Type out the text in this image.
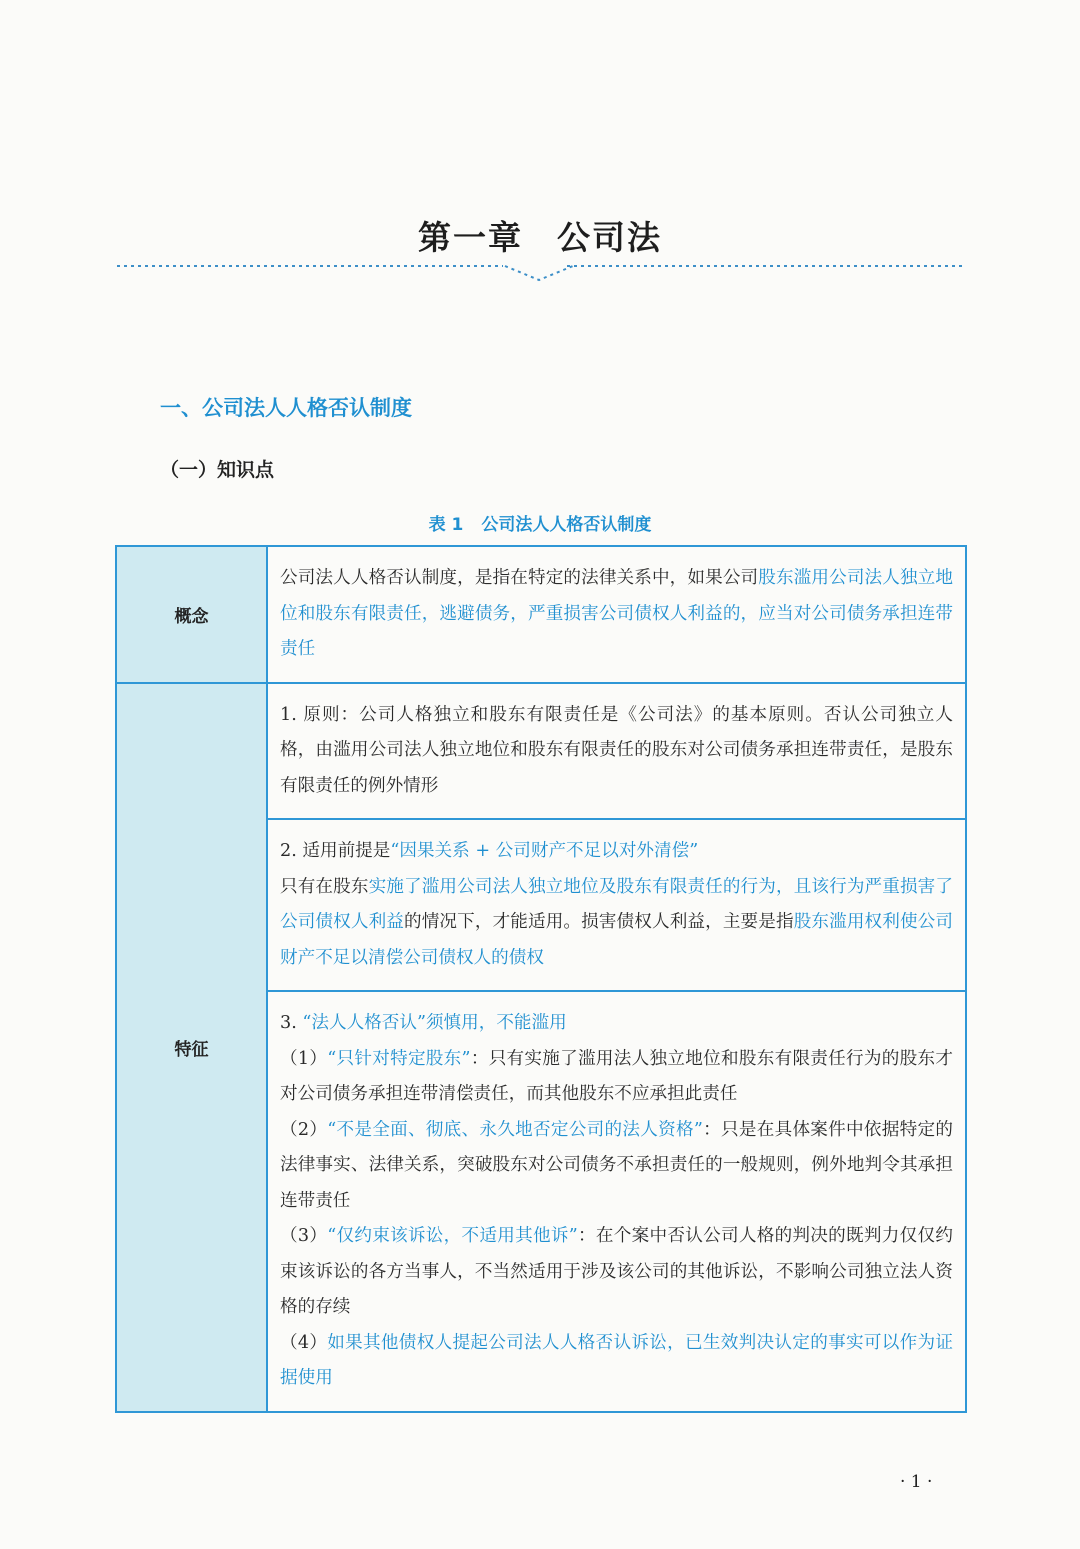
第一章 公司法
一、公司法人人格否认制度
（一）知识点
表 1 公司法人人格否认制度
概念	公司法人人格否认制度，是指在特定的法律关系中，如果公司股东滥用公司法人独立地位和股东有限责任，逃避债务，严重损害公司债权人利益的，应当对公司债务承担连带责任
特征	1. 原则：公司人格独立和股东有限责任是《公司法》的基本原则。否认公司独立人格，由滥用公司法人独立地位和股东有限责任的股东对公司债务承担连带责任，是股东有限责任的例外情形

	2. 适用前提是“因果关系 + 公司财产不足以对外清偿”
只有在股东实施了滥用公司法人独立地位及股东有限责任的行为，且该行为严重损害了公司债权人利益的情况下，才能适用。损害债权人利益，主要是指股东滥用权利使公司财产不足以清偿公司债权人的债权

	3. “法人人格否认”须慎用，不能滥用
（1）“只针对特定股东”：只有实施了滥用法人独立地位和股东有限责任行为的股东才对公司债务承担连带清偿责任，而其他股东不应承担此责任
（2）“不是全面、彻底、永久地否定公司的法人资格”：只是在具体案件中依据特定的法律事实、法律关系，突破股东对公司债务不承担责任的一般规则，例外地判令其承担连带责任
（3）“仅约束该诉讼，不适用其他诉”：在个案中否认公司人格的判决的既判力仅仅约束该诉讼的各方当事人，不当然适用于涉及该公司的其他诉讼，不影响公司独立法人资格的存续
（4）如果其他债权人提起公司法人人格否认诉讼，已生效判决认定的事实可以作为证据使用
· 1 ·
